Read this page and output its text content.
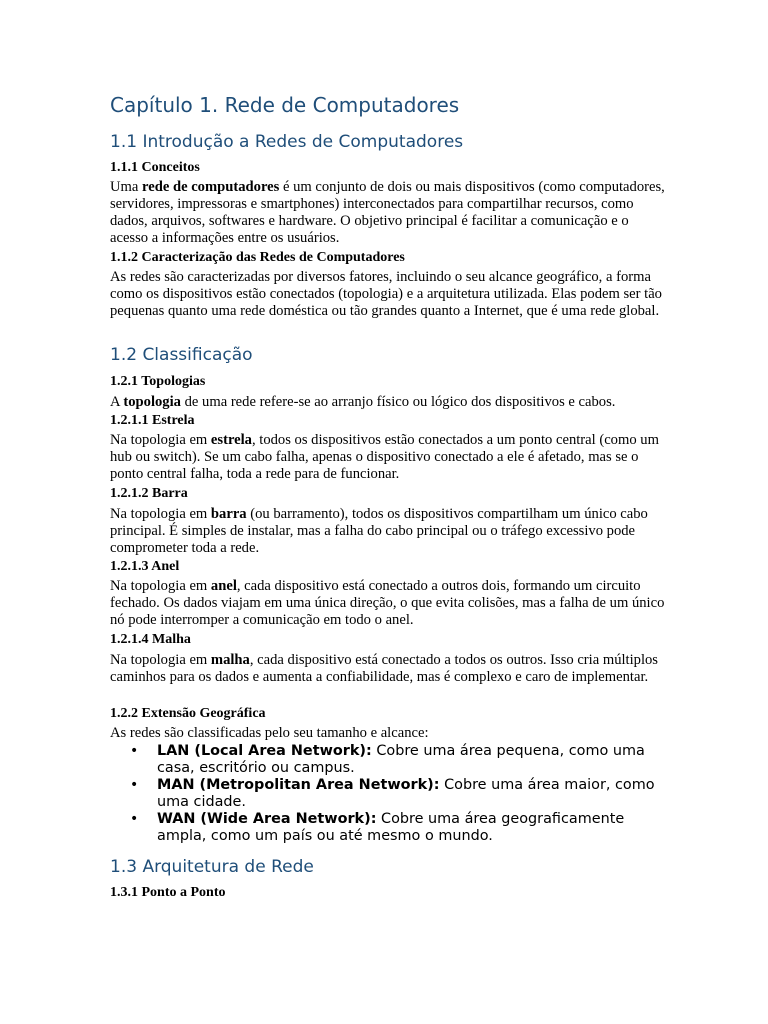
Capítulo 1. Rede de Computadores
1.1 Introdução a Redes de Computadores
1.1.1 Conceitos
Uma rede de computadores é um conjunto de dois ou mais dispositivos (como computadores, servidores, impressoras e smartphones) interconectados para compartilhar recursos, como dados, arquivos, softwares e hardware. O objetivo principal é facilitar a comunicação e o acesso a informações entre os usuários.
1.1.2 Caracterização das Redes de Computadores
As redes são caracterizadas por diversos fatores, incluindo o seu alcance geográfico, a forma como os dispositivos estão conectados (topologia) e a arquitetura utilizada. Elas podem ser tão pequenas quanto uma rede doméstica ou tão grandes quanto a Internet, que é uma rede global.
1.2 Classificação
1.2.1 Topologias
A topologia de uma rede refere-se ao arranjo físico ou lógico dos dispositivos e cabos.
1.2.1.1 Estrela
Na topologia em estrela, todos os dispositivos estão conectados a um ponto central (como um hub ou switch). Se um cabo falha, apenas o dispositivo conectado a ele é afetado, mas se o ponto central falha, toda a rede para de funcionar.
1.2.1.2 Barra
Na topologia em barra (ou barramento), todos os dispositivos compartilham um único cabo principal. É simples de instalar, mas a falha do cabo principal ou o tráfego excessivo pode comprometer toda a rede.
1.2.1.3 Anel
Na topologia em anel, cada dispositivo está conectado a outros dois, formando um circuito fechado. Os dados viajam em uma única direção, o que evita colisões, mas a falha de um único nó pode interromper a comunicação em todo o anel.
1.2.1.4 Malha
Na topologia em malha, cada dispositivo está conectado a todos os outros. Isso cria múltiplos caminhos para os dados e aumenta a confiabilidade, mas é complexo e caro de implementar.
1.2.2 Extensão Geográfica
As redes são classificadas pelo seu tamanho e alcance:
• LAN (Local Area Network): Cobre uma área pequena, como uma casa, escritório ou campus.
• MAN (Metropolitan Area Network): Cobre uma área maior, como uma cidade.
• WAN (Wide Area Network): Cobre uma área geograficamente ampla, como um país ou até mesmo o mundo.
1.3 Arquitetura de Rede
1.3.1 Ponto a Ponto
